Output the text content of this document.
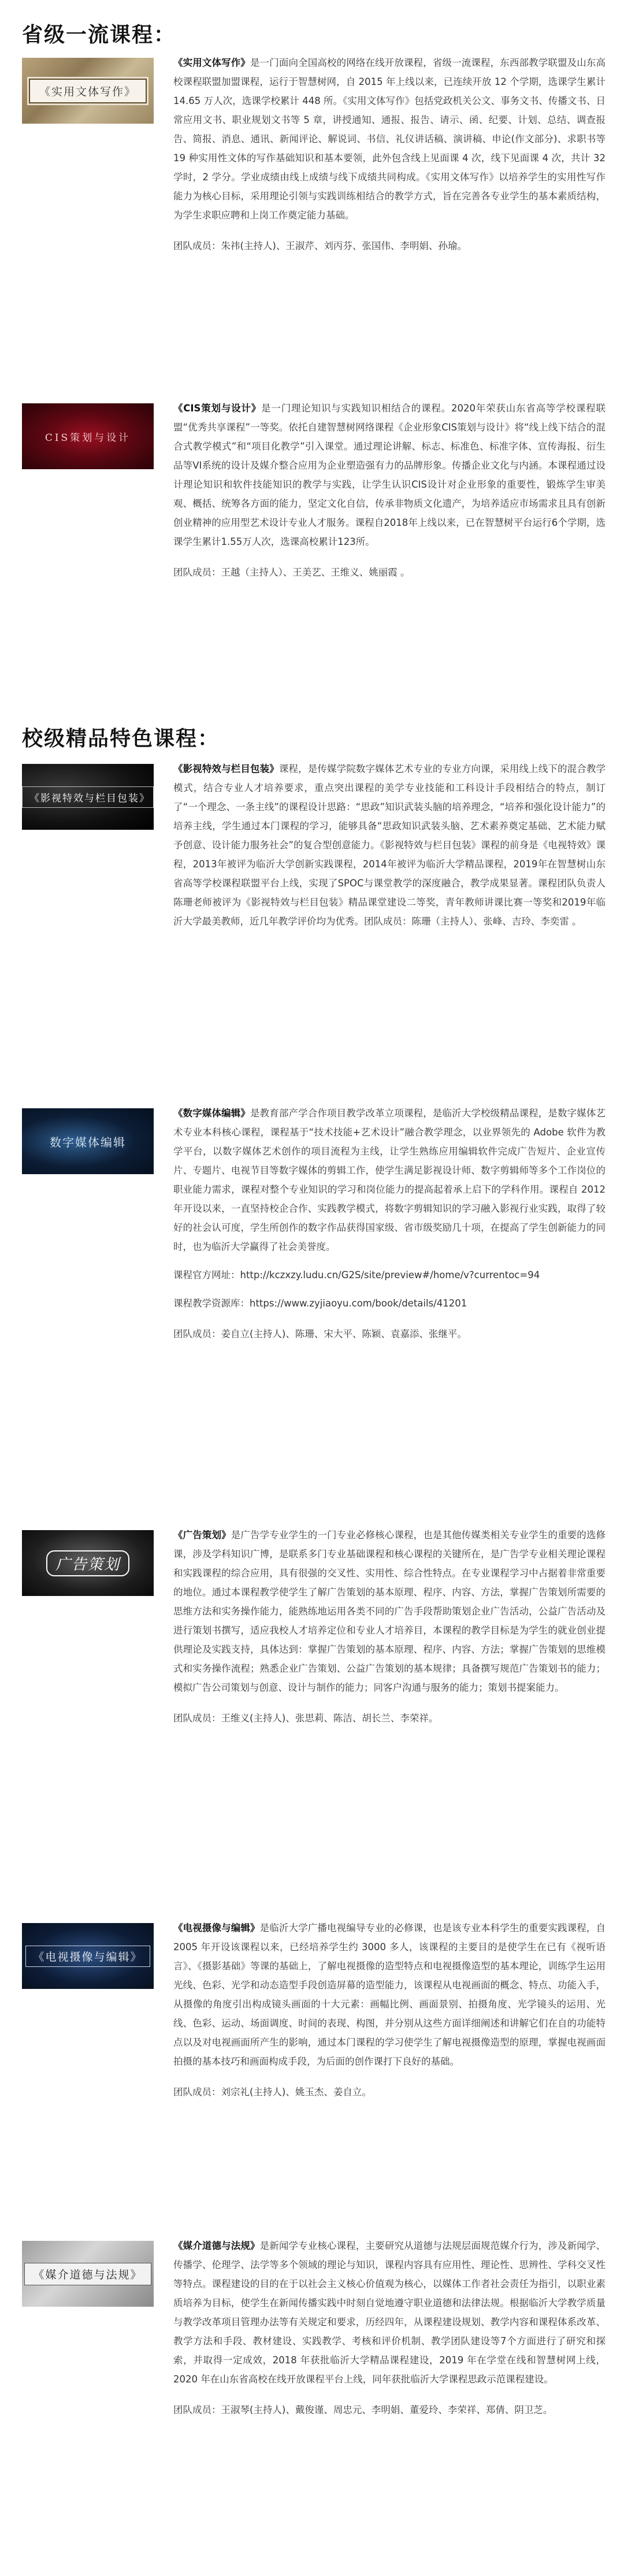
省级一流课程：
《实用文体写作》

《实用文体写作》是一门面向全国高校的网络在线开放课程，省级一流课程，东西部教学联盟及山东高校课程联盟加盟课程，运行于智慧树网，自 2015 年上线以来，已连续开放 12 个学期，选课学生累计 14.65 万人次，选课学校累计 448 所。《实用文体写作》包括党政机关公文、事务文书、传播文书、日常应用文书、职业规划文书等 5 章，讲授通知、通报、报告、请示、函、纪要、计划、总结、调查报告、简报、消息、通讯、新闻评论、解说词、书信、礼仪讲话稿、演讲稿、申论(作文部分)、求职书等 19 种实用性文体的写作基础知识和基本要领，此外包含线上见面课 4 次，线下见面课 4 次，共计 32 学时，2 学分。学业成绩由线上成绩与线下成绩共同构成。《实用文体写作》以培养学生的实用性写作能力为核心目标，采用理论引领与实践训练相结合的教学方式，旨在完善各专业学生的基本素质结构，为学生求职应聘和上岗工作奠定能力基础。

团队成员：朱祎(主持人)、王淑芹、刘丙芬、张国伟、李明娟、孙瑜。

CIS策划与设计

《CIS策划与设计》是一门理论知识与实践知识相结合的课程。2020年荣获山东省高等学校课程联盟“优秀共享课程”一等奖。依托自建智慧树网络课程《企业形象CIS策划与设计》将“线上线下结合的混合式教学模式”和“项目化教学”引入课堂。通过理论讲解、标志、标准色、标准字体、宣传海报、衍生品等VI系统的设计及媒介整合应用为企业塑造强有力的品牌形象。传播企业文化与内涵。本课程通过设计理论知识和软件技能知识的教学与实践，让学生认识CIS设计对企业形象的重要性，锻炼学生审美观、概括、统筹各方面的能力，坚定文化自信，传承非物质文化遗产，为培养适应市场需求且具有创新创业精神的应用型艺术设计专业人才服务。课程自2018年上线以来，已在智慧树平台运行6个学期，选课学生累计1.55万人次，选课高校累计123所。

团队成员：王越（主持人）、王美艺、王维义、姚丽霞 。

校级精品特色课程：
《影视特效与栏目包装》

《影视特效与栏目包装》课程，是传媒学院数字媒体艺术专业的专业方向课，采用线上线下的混合教学模式，结合专业人才培养要求，重点突出课程的美学专业技能和工科设计手段相结合的特点，制订了“一个理念、一条主线”的课程设计思路：“思政”知识武装头脑的培养理念，“培养和强化设计能力”的培养主线，学生通过本门课程的学习，能够具备“思政知识武装头脑、艺术素养奠定基础、艺术能力赋予创意、设计能力服务社会”的复合型创意能力。《影视特效与栏目包装》课程的前身是《电视特效》课程，2013年被评为临沂大学创新实践课程，2014年被评为临沂大学精品课程，2019年在智慧树山东省高等学校课程联盟平台上线，实现了SPOC与课堂教学的深度融合，教学成果显著。课程团队负责人陈珊老师被评为《影视特效与栏目包装》精品课堂建设二等奖，青年教师讲课比赛一等奖和2019年临沂大学最美教师，近几年教学评价均为优秀。团队成员：陈珊（主持人）、张峰、吉玲、李奕雷 。

数字媒体编辑

《数字媒体编辑》是教育部产学合作项目教学改革立项课程，是临沂大学校级精品课程，是数字媒体艺术专业本科核心课程，课程基于“技术技能+艺术设计”融合教学理念，以业界领先的 Adobe 软件为教学平台，以数字媒体艺术创作的项目流程为主线，让学生熟练应用编辑软件完成广告短片、企业宣传片、专题片、电视节目等数字媒体的剪辑工作，使学生满足影视设计师、数字剪辑师等多个工作岗位的职业能力需求，课程对整个专业知识的学习和岗位能力的提高起着承上启下的学科作用。课程自 2012 年开设以来，一直坚持校企合作、实践教学模式，将数字剪辑知识的学习融入影视行业实践，取得了较好的社会认可度，学生所创作的数字作品获得国家级、省市级奖励几十项，在提高了学生创新能力的同时，也为临沂大学赢得了社会美誉度。

课程官方网址：http://kczxzy.ludu.cn/G2S/site/preview#/home/v?currentoc=94

课程教学资源库：https://www.zyjiaoyu.com/book/details/41201

团队成员：姜自立(主持人)、陈珊、宋大平、陈颖、袁嘉添、张继平。

广告策划

《广告策划》是广告学专业学生的一门专业必修核心课程，也是其他传媒类相关专业学生的重要的选修课，涉及学科知识广博，是联系多门专业基础课程和核心课程的关键所在，是广告学专业相关理论课程和实践课程的综合应用，具有很强的交叉性、实用性、综合性特点。在专业课程学习中占据着非常重要的地位。通过本课程教学使学生了解广告策划的基本原理、程序、内容、方法，掌握广告策划所需要的思维方法和实务操作能力，能熟练地运用各类不同的广告手段帮助策划企业广告活动，公益广告活动及进行策划书撰写，适应我校人才培养定位和专业人才培养目，本课程的教学目标是为学生的就业创业提供理论及实践支持，具体达到：掌握广告策划的基本原理、程序、内容、方法；掌握广告策划的思维模式和实务操作流程；熟悉企业广告策划、公益广告策划的基本规律；具备撰写规范广告策划书的能力；模拟广告公司策划与创意、设计与制作的能力；同客户沟通与服务的能力；策划书提案能力。

团队成员：王维义(主持人)、张思莉、陈洁、胡长兰、李荣祥。

《电视摄像与编辑》

《电视摄像与编辑》是临沂大学广播电视编导专业的必修课，也是该专业本科学生的重要实践课程，自 2005 年开设该课程以来，已经培养学生约 3000 多人，该课程的主要目的是使学生在已有《视听语言》、《摄影基础》等课的基础上，了解电视摄像的造型特点和电视摄像造型的基本理论，训练学生运用光线、色彩、光学和动态造型手段创造屏幕的造型能力，该课程从电视画面的概念、特点、功能入手，从摄像的角度引出构成镜头画面的十大元素：画幅比例、画面景别、拍摄角度、光学镜头的运用、光线、色彩、运动、场面调度、时间的表现、构图，并分别从这些方面详细阐述和讲解它们在自的功能特点以及对电视画面所产生的影响，通过本门课程的学习使学生了解电视摄像造型的原理，掌握电视画面拍摄的基本技巧和画面构成手段，为后面的创作课打下良好的基础。

团队成员：刘宗礼(主持人)、姚玉杰、姜自立。

《媒介道德与法规》

《媒介道德与法规》是新闻学专业核心课程，主要研究从道德与法规层面规范媒介行为，涉及新闻学、传播学、伦理学、法学等多个领域的理论与知识，课程内容具有应用性、理论性、思辨性、学科交叉性等特点。课程建设的目的在于以社会主义核心价值观为核心，以媒体工作者社会责任为指引，以职业素质培养为目标，使学生在新闻传播实践中时刻自觉地遵守职业道德和法律法规。根据临沂大学教学质量与教学改革项目管理办法等有关规定和要求，历经四年，从课程建设规划、教学内容和课程体系改革、教学方法和手段、教材建设、实践教学、考核和评价机制、教学团队建设等7个方面进行了研究和探索，并取得一定成效，2018 年获批临沂大学精品课程建设，2019 年在学堂在线和智慧树网上线，2020 年在山东省高校在线开放课程平台上线，同年获批临沂大学课程思政示范课程建设。

团队成员：王淑琴(主持人)、戴俊谨、周忠元、李明娟、董爱玲、李荣祥、郑倩、阴卫芝。
